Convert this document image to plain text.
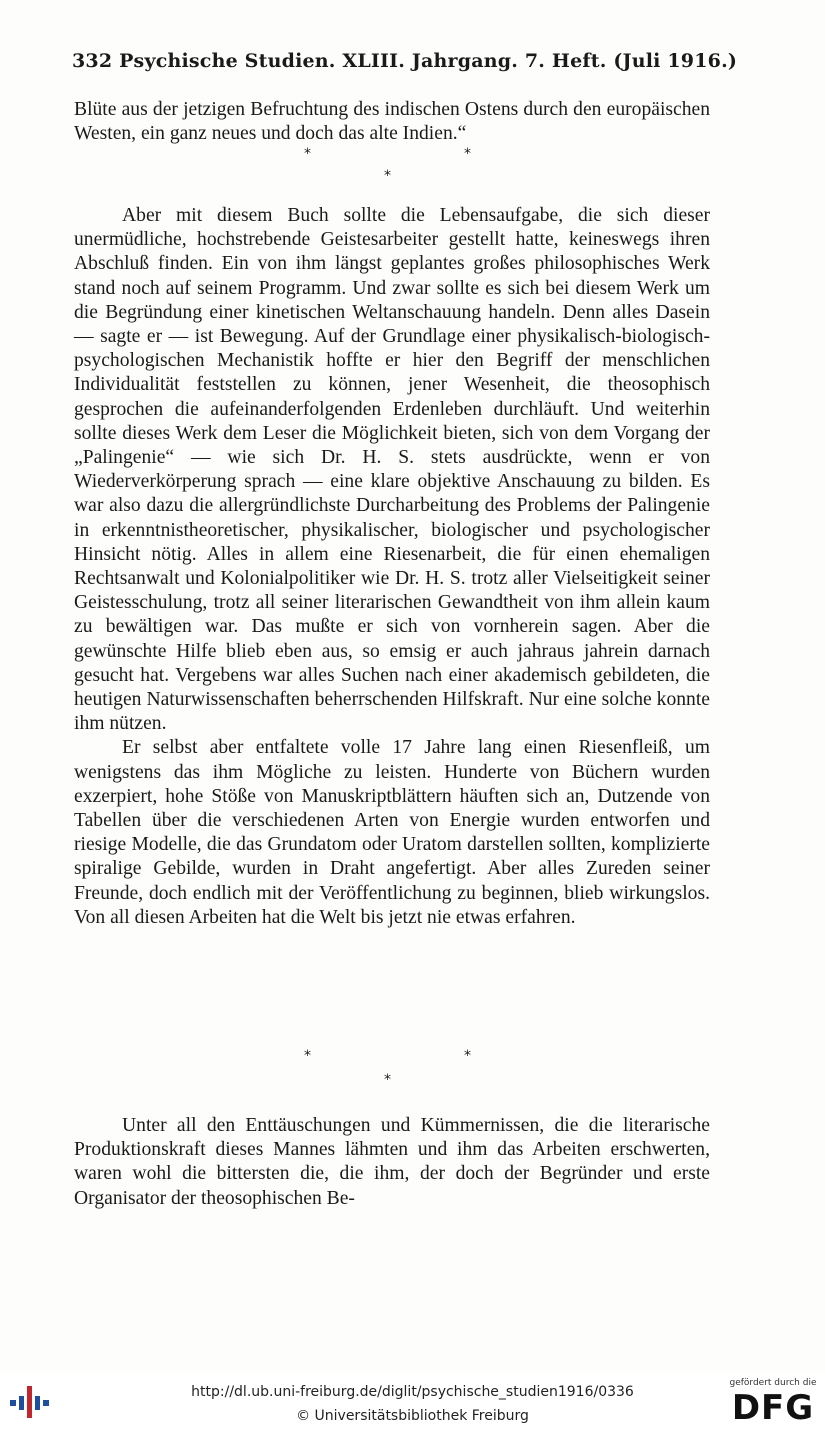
332 Psychische Studien. XLIII. Jahrgang. 7. Heft. (Juli 1916.)

Blüte aus der jetzigen Befruchtung des indischen Ostens durch den europäischen Westen, ein ganz neues und doch das alte Indien.“

*	*
*

Aber mit diesem Buch sollte die Lebensaufgabe, die sich dieser unermüdliche, hochstrebende Geistesarbeiter gestellt hatte, keineswegs ihren Abschluß finden. Ein von ihm längst geplantes großes philosophisches Werk stand noch auf seinem Programm. Und zwar sollte es sich bei diesem Werk um die Begründung einer kinetischen Weltanschauung handeln. Denn alles Dasein — sagte er — ist Bewegung. Auf der Grundlage einer physikalisch-biologisch-psychologischen Mechanistik hoffte er hier den Begriff der menschlichen Individualität feststellen zu können, jener Wesenheit, die theosophisch gesprochen die aufeinanderfolgenden Erdenleben durchläuft. Und weiterhin sollte dieses Werk dem Leser die Möglichkeit bieten, sich von dem Vorgang der „Palingenie“ — wie sich Dr. H. S. stets ausdrückte, wenn er von Wiederverkörperung sprach — eine klare objektive Anschauung zu bilden. Es war also dazu die allergründlichste Durcharbeitung des Problems der Palingenie in erkenntnistheoretischer, physikalischer, biologischer und psychologischer Hinsicht nötig. Alles in allem eine Riesenarbeit, die für einen ehemaligen Rechtsanwalt und Kolonialpolitiker wie Dr. H. S. trotz aller Vielseitigkeit seiner Geistesschulung, trotz all seiner literarischen Gewandtheit von ihm allein kaum zu bewältigen war. Das mußte er sich von vornherein sagen. Aber die gewünschte Hilfe blieb eben aus, so emsig er auch jahraus jahrein darnach gesucht hat. Vergebens war alles Suchen nach einer akademisch gebildeten, die heutigen Naturwissenschaften beherrschenden Hilfskraft. Nur eine solche konnte ihm nützen.

Er selbst aber entfaltete volle 17 Jahre lang einen Riesenfleiß, um wenigstens das ihm Mögliche zu leisten. Hunderte von Büchern wurden exzerpiert, hohe Stöße von Manuskriptblättern häuften sich an, Dutzende von Tabellen über die verschiedenen Arten von Energie wurden entworfen und riesige Modelle, die das Grundatom oder Uratom darstellen sollten, komplizierte spiralige Gebilde, wurden in Draht angefertigt. Aber alles Zureden seiner Freunde, doch endlich mit der Veröffentlichung zu beginnen, blieb wirkungslos. Von all diesen Arbeiten hat die Welt bis jetzt nie etwas erfahren.

*	*
*

Unter all den Enttäuschungen und Kümmernissen, die die literarische Produktionskraft dieses Mannes lähmten und ihm das Arbeiten erschwerten, waren wohl die bittersten die, die ihm, der doch der Begründer und erste Organisator der theosophischen Be-

http://dl.ub.uni-freiburg.de/diglit/psychische_studien1916/0336
© Universitätsbibliothek Freiburg
gefördert durch die
DFG
